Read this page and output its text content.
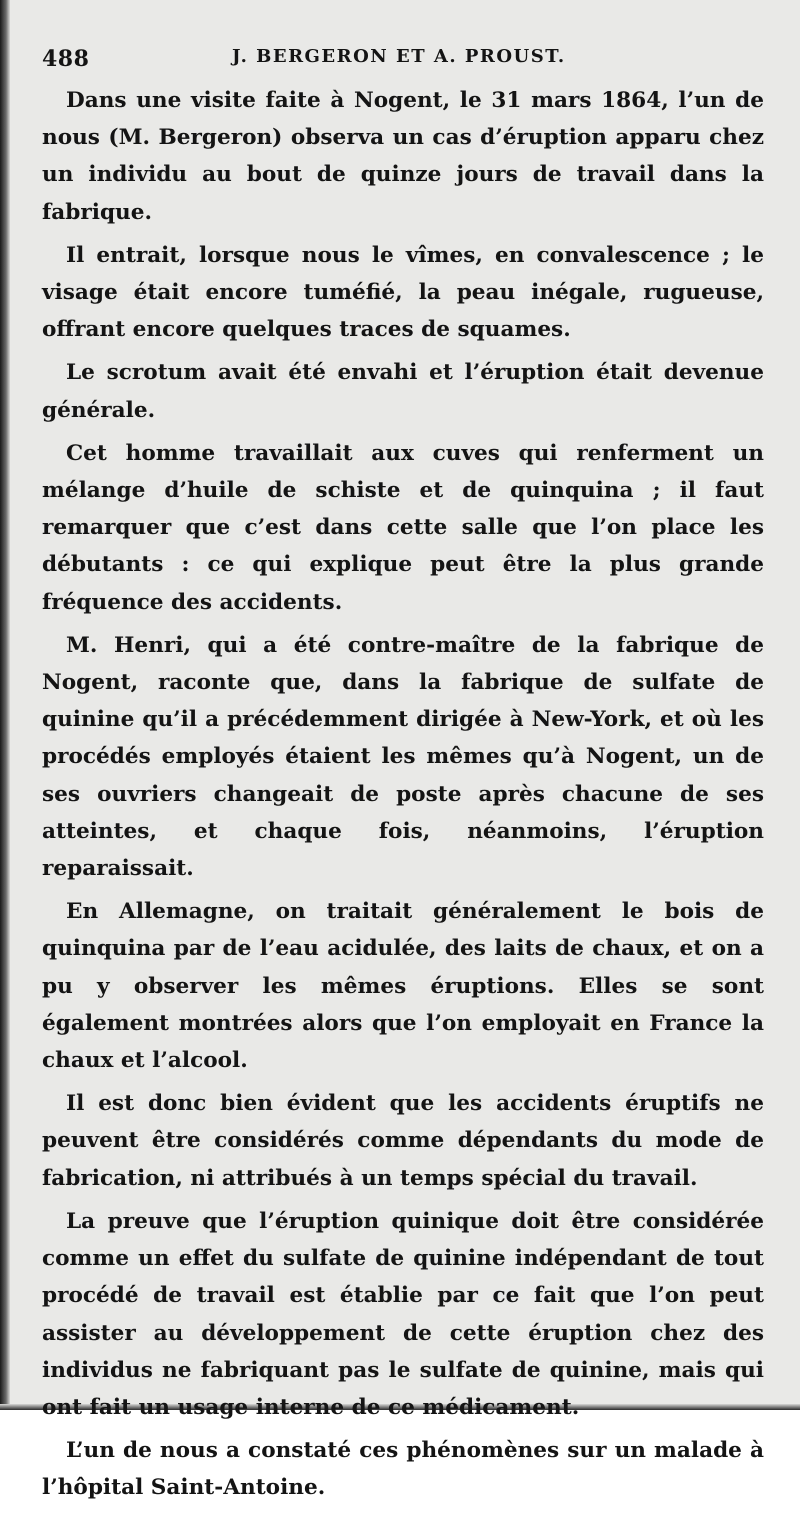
488	J. BERGERON ET A. PROUST.

Dans une visite faite à Nogent, le 31 mars 1864, l’un de nous (M. Bergeron) observa un cas d’éruption apparu chez un individu au bout de quinze jours de travail dans la fabrique.

Il entrait, lorsque nous le vîmes, en convalescence ; le visage était encore tuméfié, la peau inégale, rugueuse, offrant encore quelques traces de squames.

Le scrotum avait été envahi et l’éruption était devenue générale.

Cet homme travaillait aux cuves qui renferment un mélange d’huile de schiste et de quinquina ; il faut remarquer que c’est dans cette salle que l’on place les débutants : ce qui explique peut être la plus grande fréquence des accidents.

M. Henri, qui a été contre-maître de la fabrique de Nogent, raconte que, dans la fabrique de sulfate de quinine qu’il a précédemment dirigée à New-York, et où les procédés employés étaient les mêmes qu’à Nogent, un de ses ouvriers changeait de poste après chacune de ses atteintes, et chaque fois, néanmoins, l’éruption reparaissait.

En Allemagne, on traitait généralement le bois de quinquina par de l’eau acidulée, des laits de chaux, et on a pu y observer les mêmes éruptions. Elles se sont également montrées alors que l’on employait en France la chaux et l’alcool.

Il est donc bien évident que les accidents éruptifs ne peuvent être considérés comme dépendants du mode de fabrication, ni attribués à un temps spécial du travail.

La preuve que l’éruption quinique doit être considérée comme un effet du sulfate de quinine indépendant de tout procédé de travail est établie par ce fait que l’on peut assister au développement de cette éruption chez des individus ne fabriquant pas le sulfate de quinine, mais qui ont fait un usage interne de ce médicament.

L’un de nous a constaté ces phénomènes sur un malade à l’hôpital Saint-Antoine.
